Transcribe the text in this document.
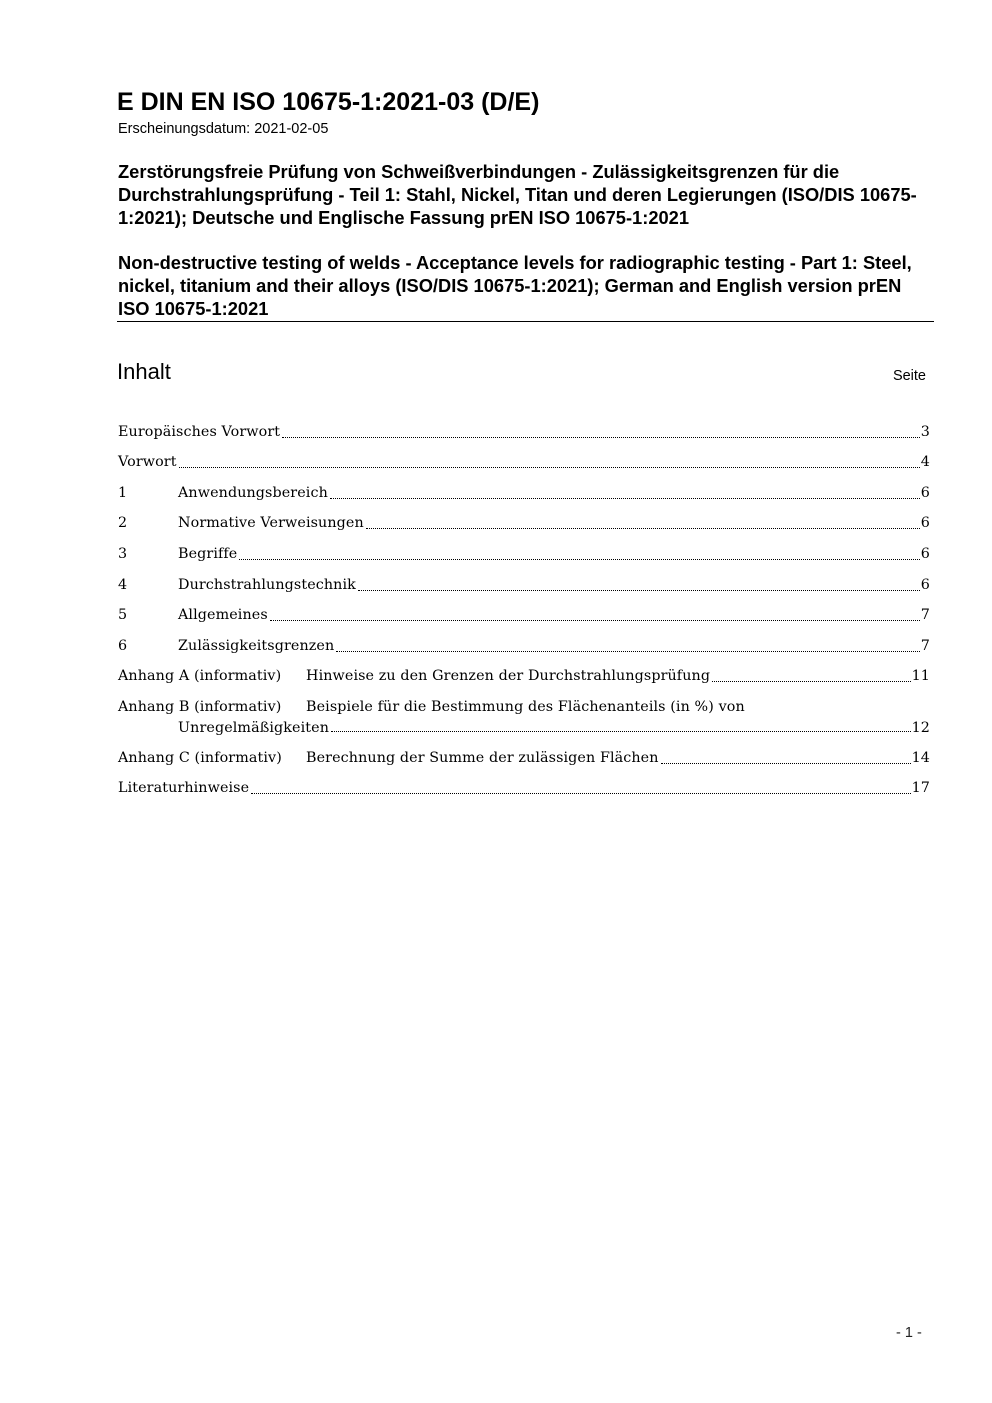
E DIN EN ISO 10675-1:2021-03 (D/E)
Erscheinungsdatum: 2021-02-05
Zerstörungsfreie Prüfung von Schweißverbindungen - Zulässigkeitsgrenzen für die Durchstrahlungsprüfung - Teil 1: Stahl, Nickel, Titan und deren Legierungen (ISO/DIS 10675-1:2021); Deutsche und Englische Fassung prEN ISO 10675-1:2021
Non-destructive testing of welds - Acceptance levels for radiographic testing - Part 1: Steel, nickel, titanium and their alloys (ISO/DIS 10675-1:2021); German and English version prEN ISO 10675-1:2021
Inhalt	Seite
Europäisches Vorwort	3
Vorwort	4
1	Anwendungsbereich	6
2	Normative Verweisungen	6
3	Begriffe	6
4	Durchstrahlungstechnik	6
5	Allgemeines	7
6	Zulässigkeitsgrenzen	7
Anhang A (informativ)	Hinweise zu den Grenzen der Durchstrahlungsprüfung	11
Anhang B (informativ) Beispiele für die Bestimmung des Flächenanteils (in %) von
Unregelmäßigkeiten	12
Anhang C (informativ)	Berechnung der Summe der zulässigen Flächen	14
Literaturhinweise	17
- 1 -
